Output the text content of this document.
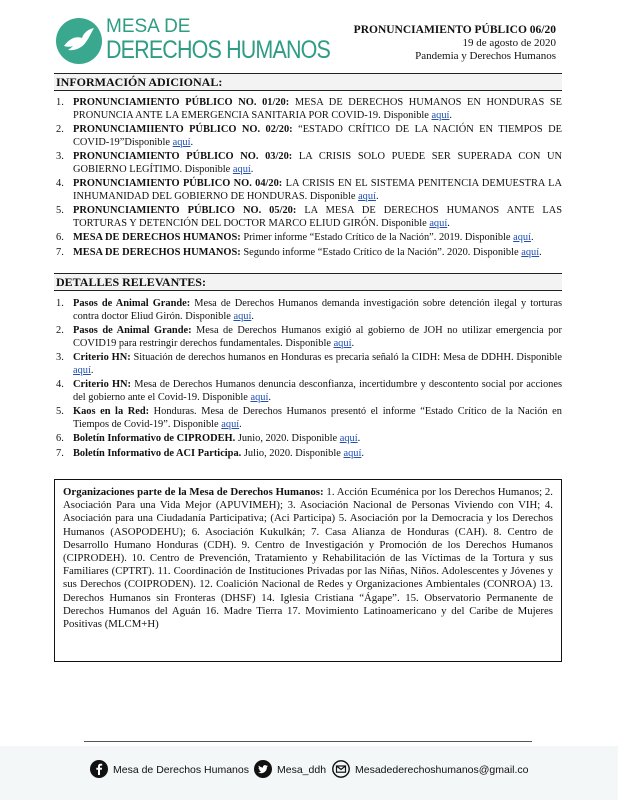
MESA DE
DERECHOS HUMANOS
PRONUNCIAMIENTO PÚBLICO 06/20
19 de agosto de 2020
Pandemia y Derechos Humanos
INFORMACIÓN ADICIONAL:
1. PRONUNCIAMIENTO PÚBLICO NO. 01/20: MESA DE DERECHOS HUMANOS EN HONDURAS SE PRONUNCIA ANTE LA EMERGENCIA SANITARIA POR COVID-19. Disponible aquí.
2. PRONUNCIAMIIENTO PÚBLICO NO. 02/20: “ESTADO CRÍTICO DE LA NACIÓN EN TIEMPOS DE COVID-19”Disponible aquí.
3. PRONUNCIAMIENTO PÚBLICO NO. 03/20: LA CRISIS SOLO PUEDE SER SUPERADA CON UN GOBIERNO LEGÍTIMO. Disponible aquí.
4. PRONUNCIAMIENTO PÚBLICO NO. 04/20: LA CRISIS EN EL SISTEMA PENITENCIA DEMUESTRA LA INHUMANIDAD DEL GOBIERNO DE HONDURAS. Disponible aquí.
5. PRONUNCIAMIENTO PÚBLICO NO. 05/20: LA MESA DE DERECHOS HUMANOS ANTE LAS TORTURAS Y DETENCIÓN DEL DOCTOR MARCO ELIUD GIRÓN. Disponible aquí.
6. MESA DE DERECHOS HUMANOS: Primer informe “Estado Crítico de la Nación”. 2019. Disponible aquí.
7. MESA DE DERECHOS HUMANOS: Segundo informe “Estado Crítico de la Nación”. 2020. Disponible aquí.
DETALLES RELEVANTES:
1. Pasos de Animal Grande: Mesa de Derechos Humanos demanda investigación sobre detención ilegal y torturas contra doctor Eliud Girón. Disponible aquí.
2. Pasos de Animal Grande: Mesa de Derechos Humanos exigió al gobierno de JOH no utilizar emergencia por COVID19 para restringir derechos fundamentales. Disponible aquí.
3. Criterio HN: Situación de derechos humanos en Honduras es precaria señaló la CIDH: Mesa de DDHH. Disponible aquí.
4. Criterio HN: Mesa de Derechos Humanos denuncia desconfianza, incertidumbre y descontento social por acciones del gobierno ante el Covid-19. Disponible aquí.
5. Kaos en la Red: Honduras. Mesa de Derechos Humanos presentó el informe “Estado Crítico de la Nación en Tiempos de Covid-19”. Disponible aquí.
6. Boletín Informativo de CIPRODEH. Junio, 2020. Disponible aquí.
7. Boletín Informativo de ACI Participa. Julio, 2020. Disponible aquí.
Organizaciones parte de la Mesa de Derechos Humanos: 1. Acción Ecuménica por los Derechos Humanos; 2. Asociación Para una Vida Mejor (APUVIMEH); 3. Asociación Nacional de Personas Viviendo con VIH; 4. Asociación para una Ciudadanía Participativa; (Aci Participa) 5. Asociación por la Democracia y los Derechos Humanos (ASOPODEHU); 6. Asociación Kukulkán; 7. Casa Alianza de Honduras (CAH). 8. Centro de Desarrollo Humano Honduras (CDH). 9. Centro de Investigación y Promoción de los Derechos Humanos (CIPRODEH). 10. Centro de Prevención, Tratamiento y Rehabilitación de las Víctimas de la Tortura y sus Familiares (CPTRT). 11. Coordinación de Instituciones Privadas por las Niñas, Niños. Adolescentes y Jóvenes y sus Derechos (COIPRODEN). 12. Coalición Nacional de Redes y Organizaciones Ambientales (CONROA) 13. Derechos Humanos sin Fronteras (DHSF) 14. Iglesia Cristiana “Ágape”. 15. Observatorio Permanente de Derechos Humanos del Aguán 16. Madre Tierra 17. Movimiento Latinoamericano y del Caribe de Mujeres Positivas (MLCM+H)
Mesa de Derechos Humanos	Mesa_ddh	Mesadederechoshumanos@gmail.co
